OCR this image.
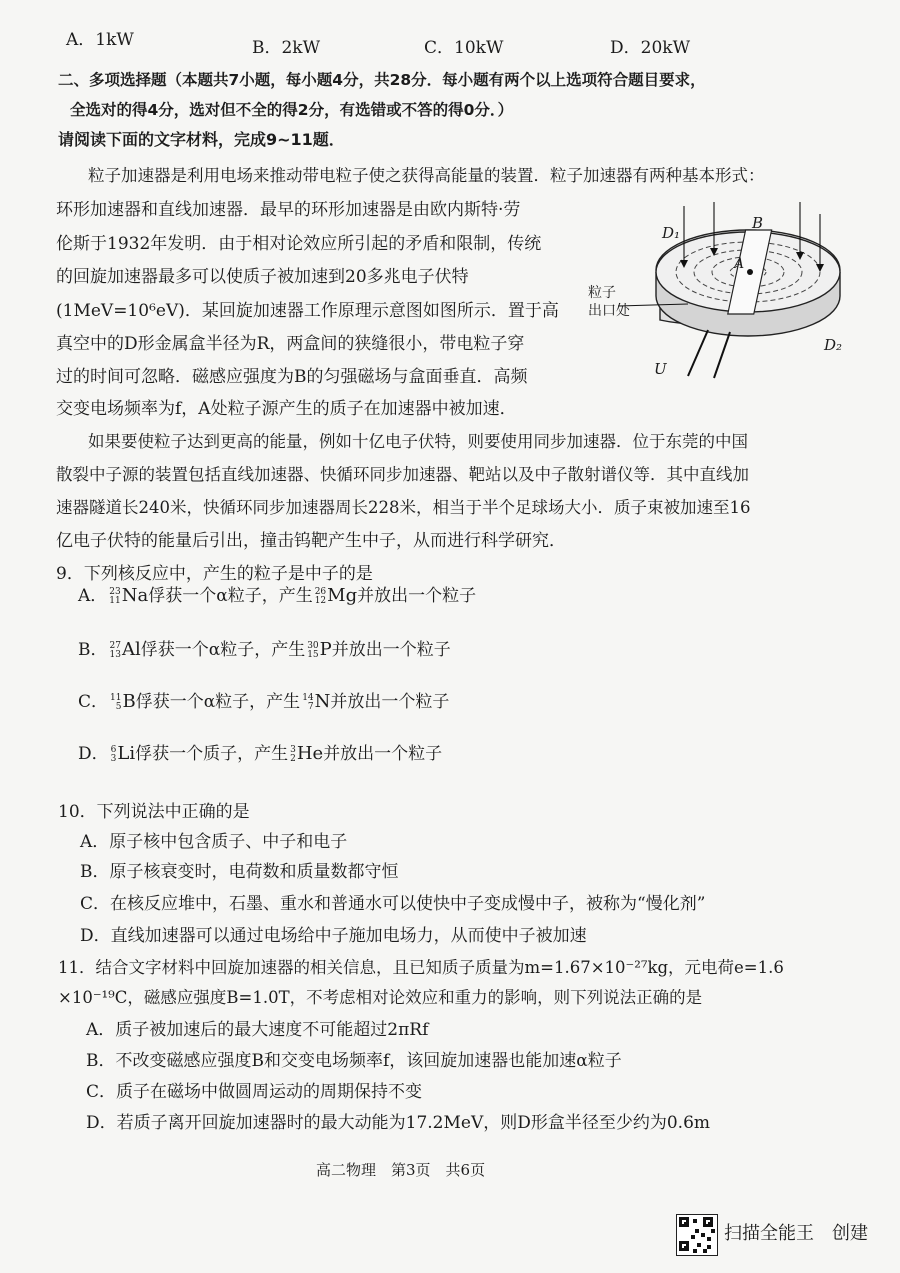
A．1kW	B．2kW	C．10kW	D．20kW
二、多项选择题（本题共7小题，每小题4分，共28分．每小题有两个以上选项符合题目要求，
全选对的得4分，选对但不全的得2分，有选错或不答的得0分．）
请阅读下面的文字材料，完成9~11题．
粒子加速器是利用电场来推动带电粒子使之获得高能量的装置．粒子加速器有两种基本形式：
环形加速器和直线加速器．最早的环形加速器是由欧内斯特·劳
伦斯于1932年发明．由于相对论效应所引起的矛盾和限制，传统
的回旋加速器最多可以使质子被加速到20多兆电子伏特
(1MeV=10⁶eV)．某回旋加速器工作原理示意图如图所示．置于高
真空中的D形金属盒半径为R，两盒间的狭缝很小，带电粒子穿
过的时间可忽略．磁感应强度为B的匀强磁场与盒面垂直．高频
交变电场频率为f，A处粒子源产生的质子在加速器中被加速．
如果要使粒子达到更高的能量，例如十亿电子伏特，则要使用同步加速器．位于东莞的中国
散裂中子源的装置包括直线加速器、快循环同步加速器、靶站以及中子散射谱仪等．其中直线加
速器隧道长240米，快循环同步加速器周长228米，相当于半个足球场大小．质子束被加速至16
亿电子伏特的能量后引出，撞击钨靶产生中子，从而进行科学研究．
D₁
B
A
D₂
U
粒子
出口处
9．下列核反应中，产生的粒子是中子的是
A． 23
11 Na俘获一个α粒子，产生 26
12 Mg并放出一个粒子
B． 27
13 Al俘获一个α粒子，产生 30
15 P并放出一个粒子
C． 11
5 B俘获一个α粒子，产生 14
7 N并放出一个粒子
D． 6
3 Li俘获一个质子，产生 3
2 He并放出一个粒子
10．下列说法中正确的是
A．原子核中包含质子、中子和电子
B．原子核衰变时，电荷数和质量数都守恒
C．在核反应堆中，石墨、重水和普通水可以使快中子变成慢中子，被称为“慢化剂”
D．直线加速器可以通过电场给中子施加电场力，从而使中子被加速
11．结合文字材料中回旋加速器的相关信息，且已知质子质量为m=1.67×10⁻²⁷kg，元电荷e=1.6
×10⁻¹⁹C，磁感应强度B=1.0T，不考虑相对论效应和重力的影响，则下列说法正确的是
A．质子被加速后的最大速度不可能超过2πRf
B．不改变磁感应强度B和交变电场频率f，该回旋加速器也能加速α粒子
C．质子在磁场中做圆周运动的周期保持不变
D．若质子离开回旋加速器时的最大动能为17.2MeV，则D形盒半径至少约为0.6m
高二物理　第3页　共6页
扫描全能王　创建
